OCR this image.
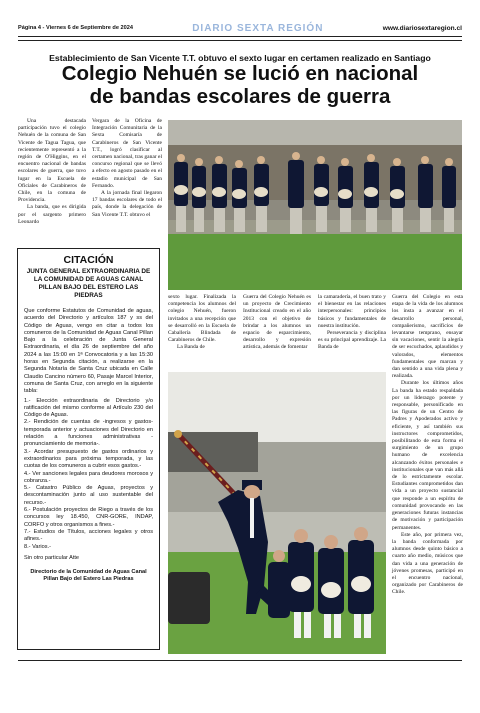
Página 4 - Viernes 6 de Septiembre de 2024	DIARIO SEXTA REGIÓN	www.diariosextaregion.cl
Establecimiento de San Vicente T.T. obtuvo el sexto lugar en certamen realizado en Santiago
Colegio Nehuén se lució en nacional
de bandas escolares de guerra

Una destacada participación tuvo el colegio Nehuén de la comuna de San Vicente de Tagua Tagua, que recientemente representó a la región de O'Higgins, en el encuentro nacional de bandas escolares de guerra, que tuvo lugar en la Escuela de Oficiales de Carabineros de Chile, en la comuna de Providencia.

La banda, que es dirigida por el sargento primero Leonardo

Vergara de la Oficina de Integración Comunitaria de la Sexta Comisaría de Carabineros de San Vicente T.T., logró clasificar al certamen nacional, tras ganar el concurso regional que se llevó a efecto en agosto pasado en el estadio municipal de San Fernando.

A la jornada final llegaron 17 bandas escolares de todo el país, donde la delegación de San Vicente T.T. obtuvo el

CITACIÓN
JUNTA GENERAL EXTRAORDINARIA DE LA COMUNIDAD DE AGUAS CANAL PILLAN BAJO DEL ESTERO LAS PIEDRAS

Que conforme Estatutos de Comunidad de aguas, acuerdo del Directorio y artículos 187 y ss del Código de Aguas, vengo en citar a todos los comuneros de la Comunidad de Aguas Canal Pillan Bajo a la celebración de Junta General Extraordinaria, el día 26 de septiembre del año 2024 a las 15:00 en 1ª Convocatoria y a las 15:30 horas en Segunda citación, a realizarse en la Segunda Notaría de Santa Cruz ubicada en Calle Claudio Cancino número 60, Pasaje Marcel Interior, comuna de Santa Cruz, con arreglo en la siguiente tabla:

1.- Elección extraordinaria de Directorio y/o ratificación del mismo conforme al Artículo 230 del Código de Aguas.
2.- Rendición de cuentas de -ingresos y gastos- temporada anterior y actuaciones del Directorio en relación a funciones administrativas -pronunciamiento de memoria-.
3.- Acordar presupuesto de gastos ordinarios y extraordinarios para próxima temporada, y las cuotas de los comuneros a cubrir esos gastos.-
4.- Ver sanciones legales para deudores morosos y cobranza.-
5.- Catastro Público de Aguas, proyectos y descontaminación junto al uso sustentable del recurso.-
6.- Postulación proyectos de Riego a través de los concursos ley 18.450, CNR-GORE, INDAP, CORFO y otros organismos a fines.-
7.- Estudios de Títulos, acciones legales y otros afines.-
8.- Varios.-
Sin otro particular Atte
Directorio de la Comunidad de Aguas Canal Pillan Bajo del Estero Las Piedras

sexto lugar. Finalizada la competencia los alumnos del colegio Nehuén, fueron invitados a una recepción que se desarrolló en la Escuela de Caballería Blindada de Carabineros de Chile.

La Banda de

Guerra del Colegio Nehuén es un proyecto de Crecimiento Institucional creado en el año 2013 con el objetivo de brindar a los alumnos un espacio de esparcimiento, desarrollo y expresión artística, además de fomentar

la camaradería, el buen trato y el bienestar en las relaciones interpersonales: principios básicos y fundamentales de nuestra institución.

Perseverancia y disciplina es su principal aprendizaje. La Banda de

Guerra del Colegio en esta etapa de la vida de los alumnos los insta a avanzar en el desarrollo personal, compañerismo, sacrificios de levantarse temprano, ensayar sin vacaciones, sentir la alegría de ser escuchados, aplaudidos y valorados, elementos fundamentales que marcan y dan sentido a una vida plena y realizada.

Durante los últimos años La banda ha estado respaldada por un liderazgo potente y responsable, personificado en las figuras de un Centro de Padres y Apoderados activo y eficiente, y así también sus instructores comprometidos, posibilitando de esta forma el surgimiento de un grupo humano de excelencia alcanzando éxitos personales e institucionales que van más allá de lo estrictamente escolar. Estudiantes comprometidos dan vida a un proyecto sustancial que responde a un espíritu de comunidad provocando en las generaciones futuras instancias de motivación y participación permanentes.

Este año, por primera vez, la banda conformada por alumnos desde quinto básico a cuarto año medio, músicos que dan vida a una generación de jóvenes promesas, participó en el encuentro nacional, organizado por Carabineros de Chile.
